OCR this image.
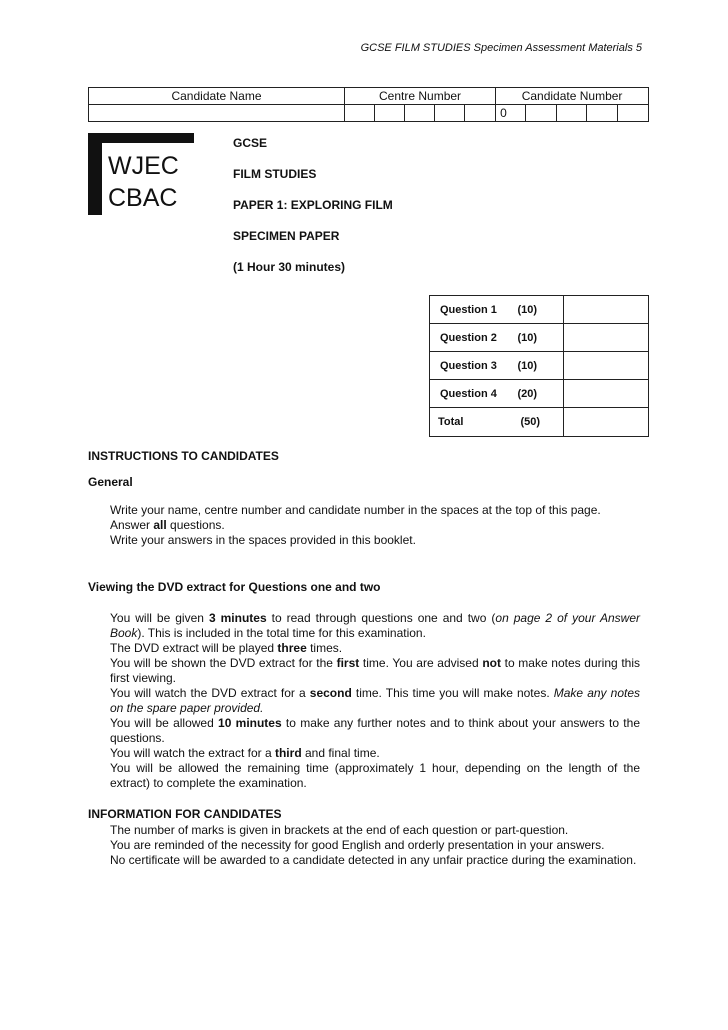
GCSE FILM STUDIES Specimen Assessment Materials 5
Candidate Name	Centre Number					Candidate Number				
						0				
WJEC
CBAC
GCSE
FILM STUDIES
PAPER 1: EXPLORING FILM
SPECIMEN PAPER
(1 Hour 30 minutes)
Question 1	(10)	
Question 2	(10)	
Question 3	(10)	
Question 4	(20)	
Total	(50)	
INSTRUCTIONS TO CANDIDATES
General

Write your name, centre number and candidate number in the spaces at the top of this page.

Answer all questions.

Write your answers in the spaces provided in this booklet.

Viewing the DVD extract for Questions one and two

You will be given 3 minutes to read through questions one and two (on page 2 of your Answer Book). This is included in the total time for this examination.

The DVD extract will be played three times.

You will be shown the DVD extract for the first time. You are advised not to make notes during this first viewing.

You will watch the DVD extract for a second time. This time you will make notes. Make any notes on the spare paper provided.

You will be allowed 10 minutes to make any further notes and to think about your answers to the questions.

You will watch the extract for a third and final time.

You will be allowed the remaining time (approximately 1 hour, depending on the length of the extract) to complete the examination.

INFORMATION FOR CANDIDATES

The number of marks is given in brackets at the end of each question or part-question.

You are reminded of the necessity for good English and orderly presentation in your answers.

No certificate will be awarded to a candidate detected in any unfair practice during the examination.
